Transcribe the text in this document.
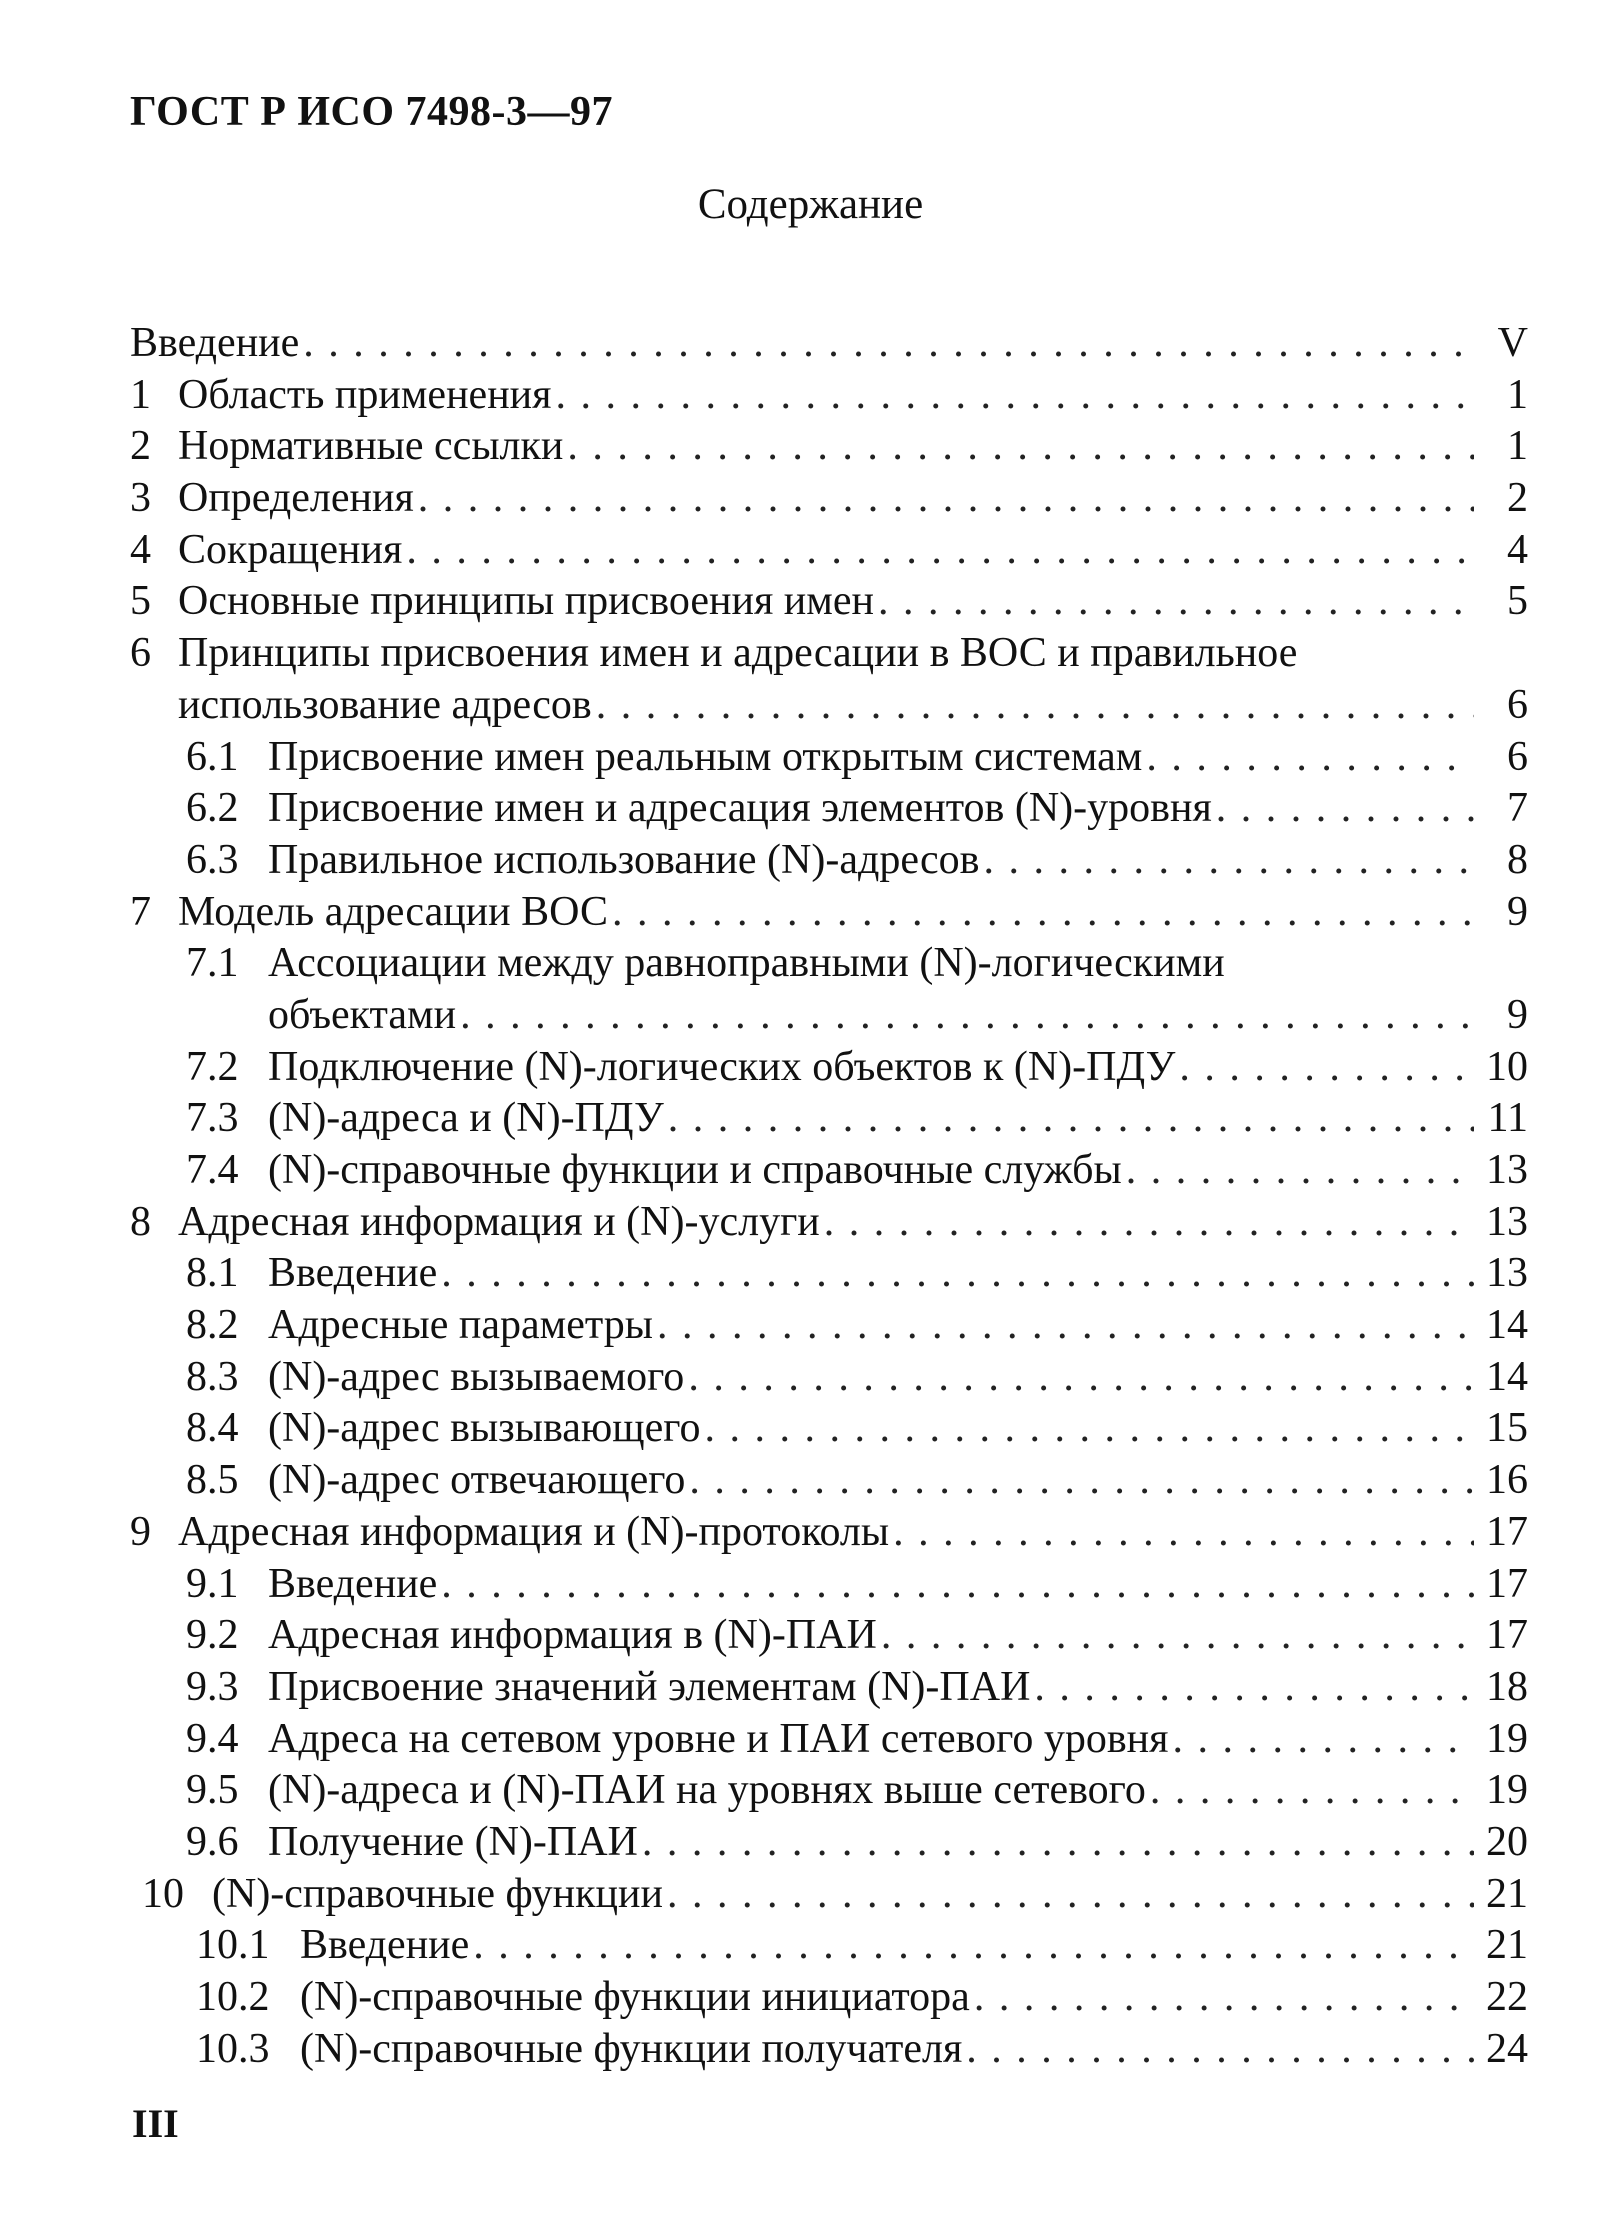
ГОСТ Р ИСО 7498-3—97
Содержание
Введение . . .	V
1 Область применения . . .	1
2 Нормативные ссылки . . .	1
3 Определения . . .	2
4 Сокращения . . .	4
5 Основные принципы присвоения имен . . .	5
6 Принципы присвоения имен и адресации в ВОС и правильное
использование адресов . . .	6
6.1 Присвоение имен реальным открытым системам . . .	6
6.2 Присвоение имен и адресация элементов (N)-уровня . . .	7
6.3 Правильное использование (N)-адресов . . .	8
7 Модель адресации ВОС . . .	9
7.1 Ассоциации между равноправными (N)-логическими
объектами . . .	9
7.2 Подключение (N)-логических объектов к (N)-ПДУ . . .	10
7.3 (N)-адреса и (N)-ПДУ . . .	11
7.4 (N)-справочные функции и справочные службы . . .	13
8 Адресная информация и (N)-услуги . . .	13
8.1 Введение . . .	13
8.2 Адресные параметры . . .	14
8.3 (N)-адрес вызываемого . . .	14
8.4 (N)-адрес вызывающего . . .	15
8.5 (N)-адрес отвечающего . . .	16
9 Адресная информация и (N)-протоколы . . .	17
9.1 Введение . . .	17
9.2 Адресная информация в (N)-ПАИ . . .	17
9.3 Присвоение значений элементам (N)-ПАИ . . .	18
9.4 Адреса на сетевом уровне и ПАИ сетевого уровня . . .	19
9.5 (N)-адреса и (N)-ПАИ на уровнях выше сетевого . . .	19
9.6 Получение (N)-ПАИ . . .	20
10 (N)-справочные функции . . .	21
10.1 Введение . . .	21
10.2 (N)-справочные функции инициатора . . .	22
10.3 (N)-справочные функции получателя . . .	24
III
